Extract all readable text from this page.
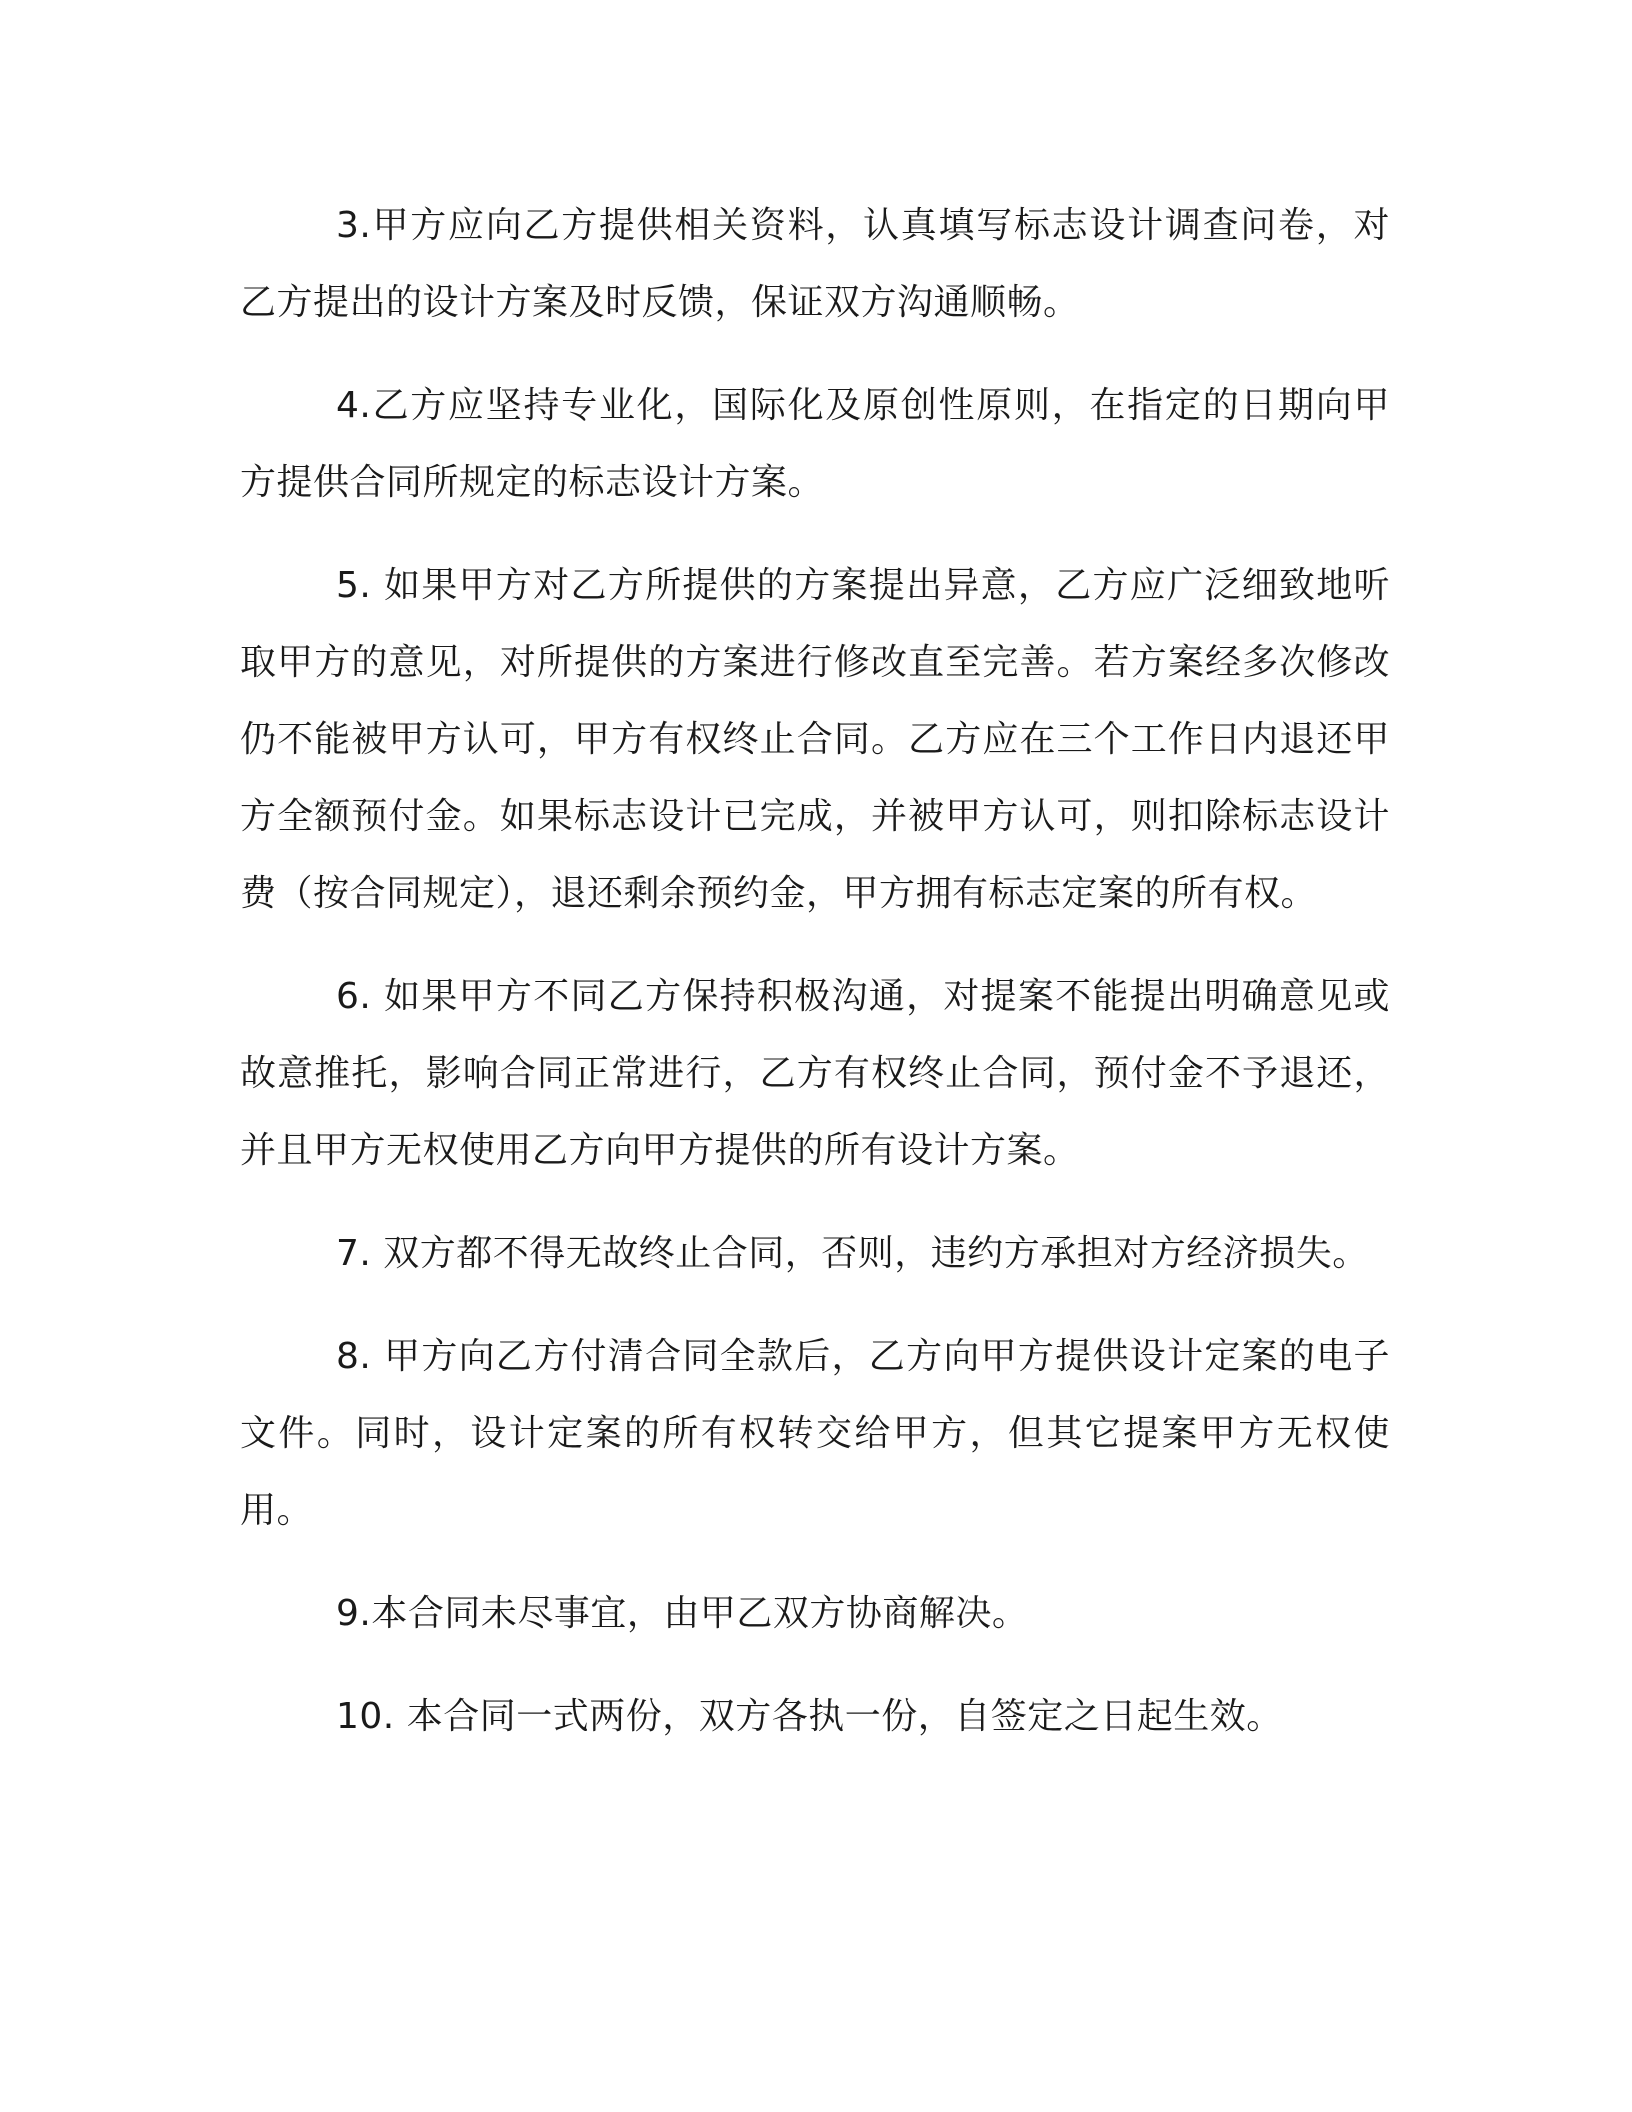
3.甲方应向乙方提供相关资料，认真填写标志设计调查问卷，对乙方提出的设计方案及时反馈，保证双方沟通顺畅。

4.乙方应坚持专业化，国际化及原创性原则，在指定的日期向甲方提供合同所规定的标志设计方案。

5. 如果甲方对乙方所提供的方案提出异意，乙方应广泛细致地听取甲方的意见，对所提供的方案进行修改直至完善。若方案经多次修改仍不能被甲方认可，甲方有权终止合同。乙方应在三个工作日内退还甲方全额预付金。如果标志设计已完成，并被甲方认可，则扣除标志设计费（按合同规定），退还剩余预约金，甲方拥有标志定案的所有权。

6. 如果甲方不同乙方保持积极沟通，对提案不能提出明确意见或故意推托，影响合同正常进行，乙方有权终止合同，预付金不予退还，并且甲方无权使用乙方向甲方提供的所有设计方案。

7. 双方都不得无故终止合同，否则，违约方承担对方经济损失。

8. 甲方向乙方付清合同全款后，乙方向甲方提供设计定案的电子文件。同时，设计定案的所有权转交给甲方，但其它提案甲方无权使用。

9.本合同未尽事宜，由甲乙双方协商解决。

10. 本合同一式两份，双方各执一份，自签定之日起生效。
